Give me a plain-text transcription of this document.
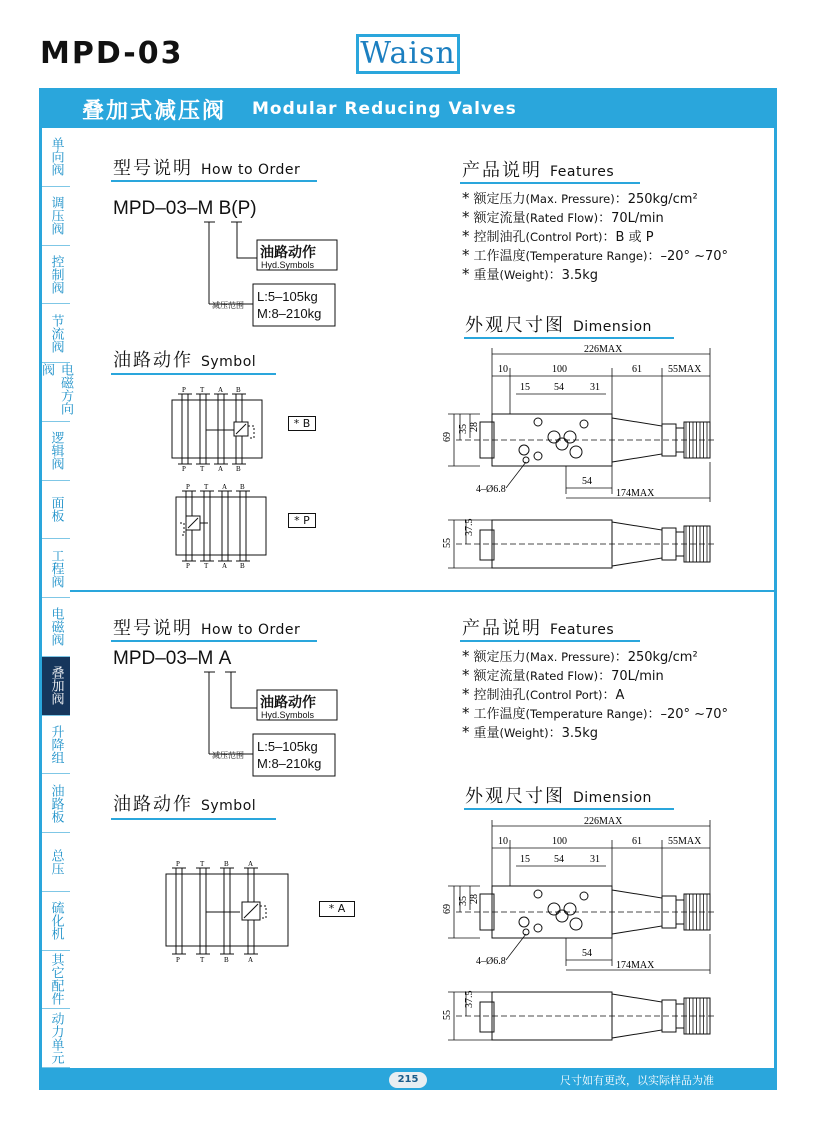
MPD-03	Waisn
叠加式减压阀 Modular Reducing Valves
单向阀
调压阀
控制阀
节流阀
电磁方向阀
逻辑阀
面板
工程阀
电磁阀
叠加阀
升降组
油路板
总压
硫化机
其它配件
动力单元
型号说明 How to Order
MPD–03–M B(P)
油路动作
Hyd.Symbols
减压范围
L:5–105kg
M:8–210kg
油路动作 Symbol
P T A B
P T A B
* B
P T A B
P T A B
* P
产品说明 Features
* 额定压力(Max. Pressure)：250kg/cm²
* 额定流量(Rated Flow)：70L/min
* 控制油孔(Control Port)：B 或 P
* 工作温度(Temperature Range)：–20° ~70°
* 重量(Weight)：3.5kg
外观尺寸图 Dimension
226MAX
10	100	61	55MAX
15 54	31
69
35 28
4–Ø6.8
54
174MAX
55
37.5
型号说明 How to Order
MPD–03–M A
油路动作
Hyd.Symbols
减压范围
L:5–105kg
M:8–210kg
油路动作 Symbol
P	T	B	A
P	T	B	A
* A
产品说明 Features
* 额定压力(Max. Pressure)：250kg/cm²
* 额定流量(Rated Flow)：70L/min
* 控制油孔(Control Port)：A
* 工作温度(Temperature Range)：–20° ~70°
* 重量(Weight)：3.5kg
外观尺寸图 Dimension
226MAX
10	100	61	55MAX
15 54	31
69
35 28
4–Ø6.8
54
174MAX
55
37.5
215	尺寸如有更改，以实际样品为准
